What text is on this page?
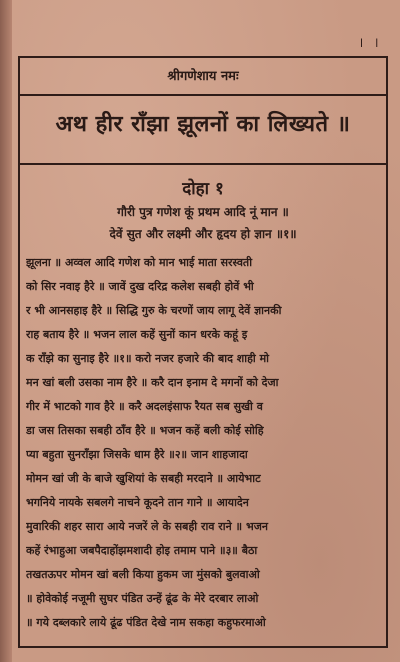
၊ ၊
श्रीगणेशाय नमः
अथ हीर राँझा झूलनों का लिख्यते ॥
दोहा १
गौरी पुत्र गणेश कूं प्रथम आदि नूं मान ॥
देवें सुत और लक्ष्मी और हृदय हो ज्ञान ॥१॥
झूलना ॥ अव्वल आदि गणेश को मान भाई माता सरस्वती
को सिर नवाइ हैरे ॥ जावें दुख दरिद्र कलेश सबही होवें भी
र भी आनसहाइ हैरे ॥ सिद्धि गुरु के चरणों जाय लागू देवें ज्ञानकी
राह बताय हैरे ॥ भजन लाल कहें सुनों कान धरके कहूं इ
क राँझे का सुनाइ हैरे ॥१॥ करो नजर हजारे की बाद शाही मो
मन खां बली उसका नाम हैरे ॥ करै दान इनाम दे मगनों को देजा
गीर में भाटको गाव हैरे ॥ करै अदलइंसाफ रैयत सब सुखी व
डा जस तिसका सबही ठाँव हैरे ॥ भजन कहें बली कोई सोहि
प्या बहुता सुनराँझा जिसके धाम हैरे ॥२॥ जान शाहजादा
मोमन खां जी के बाजे खुशियां के सबही मरदाने ॥ आयेभाट
भगनिये नायके सबलगे नाचने कूदने तान गाने ॥ आयादेन
मुवारिकी शहर सारा आये नजरें ले के सबही राव राने ॥ भजन
कहें रंभाहुआ जबपैदाहोंझमशादी होइ तमाम पाने ॥३॥ बैठा
तखतऊपर मोमन खां बली किया हुकम जा मुंसको बुलवाओ
॥ होवेकोई नजूमी सुघर पंडित उन्हें ढूंढ के मेरे दरबार लाओ
॥ गये दब्लकारे लाये ढूंढ पंडित देखे नाम सकहा कहुफरमाओ
